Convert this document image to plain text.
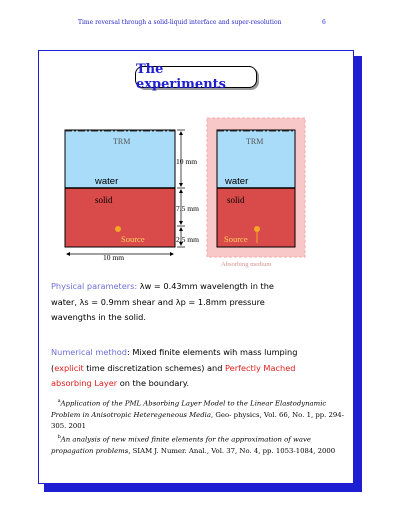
Time reversal through a solid-liquid interface and super-resolution	6
The experiments
TRM
water
solid
Source
10 mm
7.5 mm
2.5 mm
10 mm
TRM
water
solid
Source
Absorbing medium
Physical parameters: λw = 0.43mm wavelength in the
water, λs = 0.9mm shear and λp = 1.8mm pressure
wavengths in the solid.
Numerical method: Mixed finite elements wih mass lumping
(explicit time discretization schemes) and Perfectly Mached
absorbing Layer on the boundary.
$^a$Application of the PML Absorbing Layer Model to the Linear Elastodynamic Problem in Anisotropic Heteregeneous Media, Geo- physics, Vol. 66, No. 1, pp. 294-305. 2001
$^b$An analysis of new mixed finite elements for the approximation of wave propagation problems, SIAM J. Numer. Anal., Vol. 37, No. 4, pp. 1053-1084, 2000
